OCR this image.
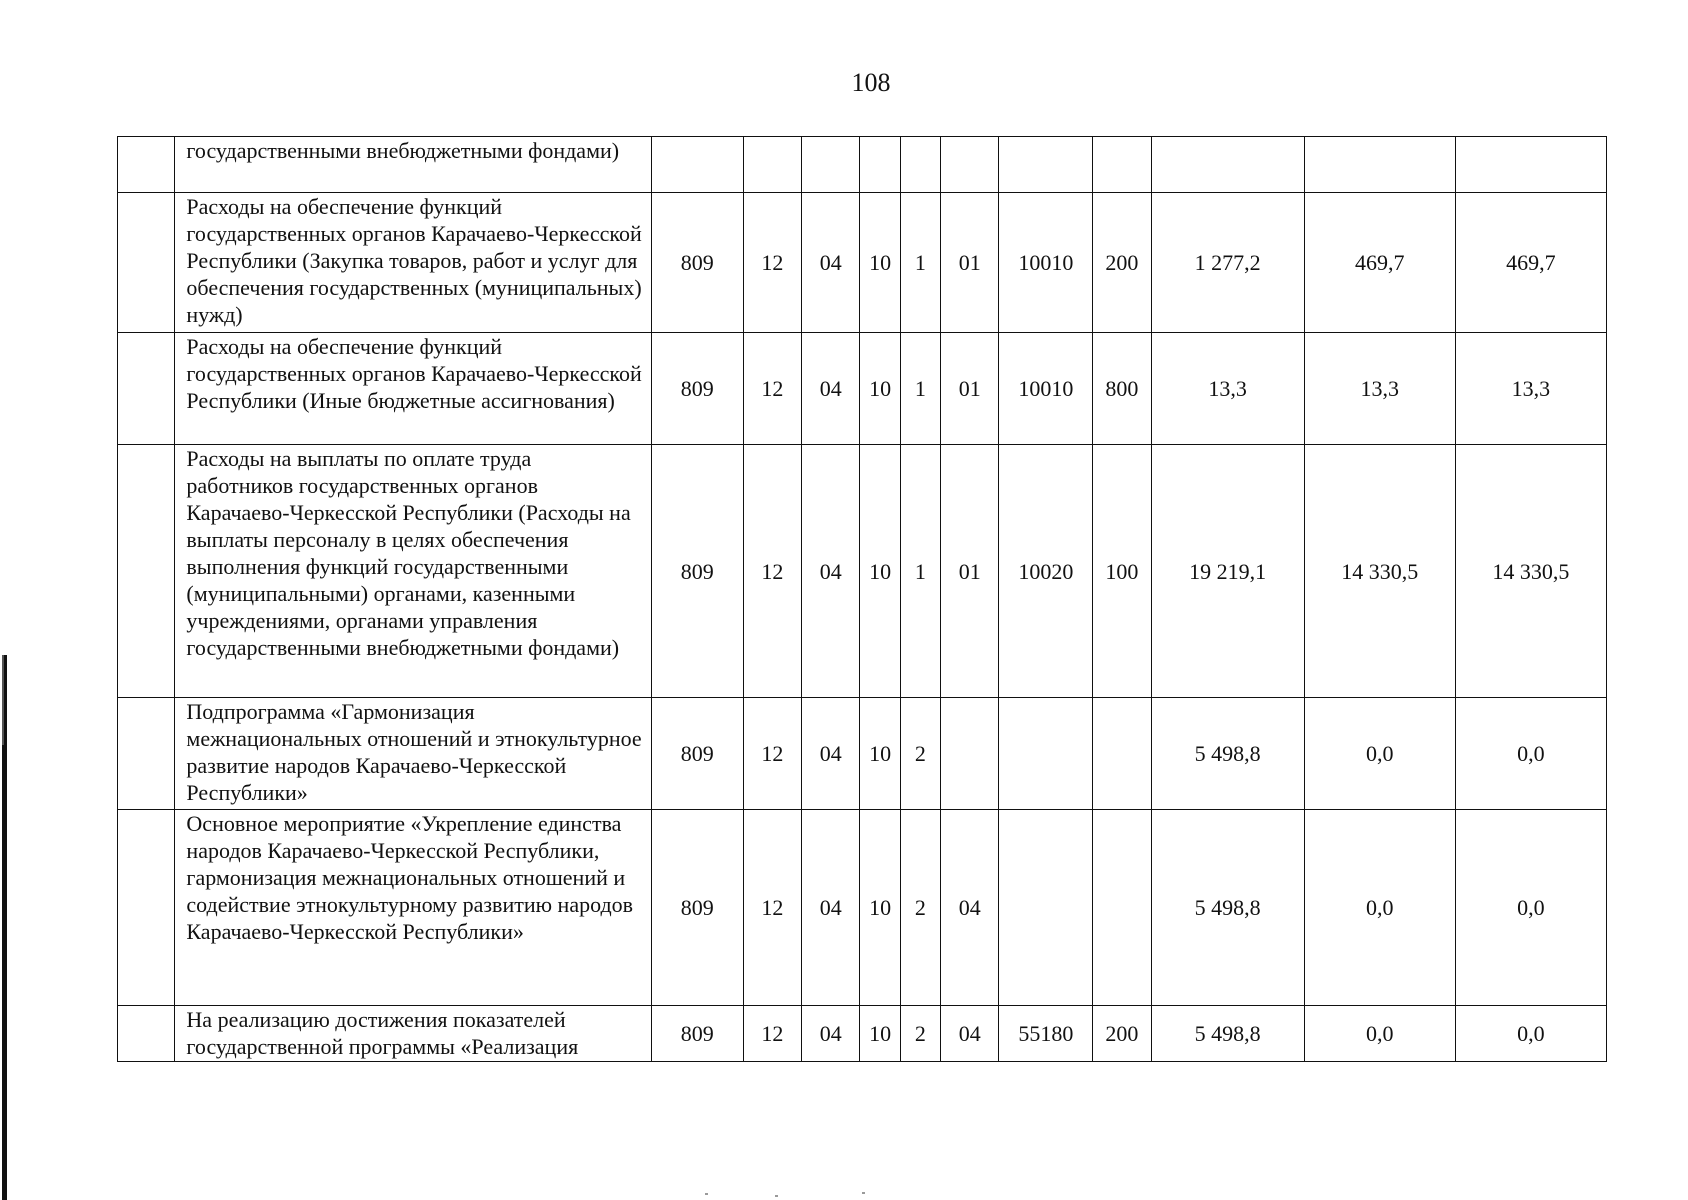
108
	государственными внебюджетными фондами)											
	Расходы на обеспечение функций государственных органов Карачаево-Черкесской Республики (Закупка товаров, работ и услуг для обеспечения государственных (муниципальных) нужд)	809	12	04	10	1	01	10010	200	1 277,2	469,7	469,7
	Расходы на обеспечение функций государственных органов Карачаево-Черкесской Республики (Иные бюджетные ассигнования)	809	12	04	10	1	01	10010	800	13,3	13,3	13,3
	Расходы на выплаты по оплате труда работников государственных органов Карачаево-Черкесской Республики (Расходы на выплаты персоналу в целях обеспечения выполнения функций государственными (муниципальными) органами, казенными учреждениями, органами управления государственными внебюджетными фондами)	809	12	04	10	1	01	10020	100	19 219,1	14 330,5	14 330,5
	Подпрограмма «Гармонизация межнациональных отношений и этнокультурное развитие народов Карачаево-Черкесской Республики»	809	12	04	10	2				5 498,8	0,0	0,0
	Основное мероприятие «Укрепление единства народов Карачаево-Черкесской Республики, гармонизация межнациональных отношений и содействие этнокультурному развитию народов Карачаево-Черкесской Республики»	809	12	04	10	2	04			5 498,8	0,0	0,0
	На реализацию достижения показателей государственной программы «Реализация	809	12	04	10	2	04	55180	200	5 498,8	0,0	0,0
